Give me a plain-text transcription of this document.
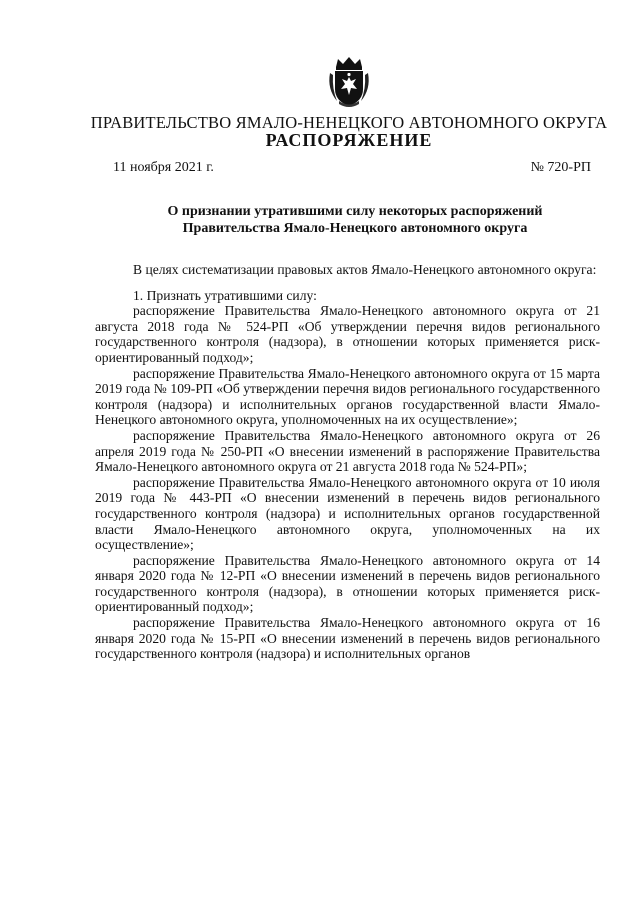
ПРАВИТЕЛЬСТВО ЯМАЛО-НЕНЕЦКОГО АВТОНОМНОГО ОКРУГА
РАСПОРЯЖЕНИЕ
11 ноября 2021 г.	№ 720-РП
О признании утратившими силу некоторых распоряжений
Правительства Ямало-Ненецкого автономного округа

В целях систематизации правовых актов Ямало-Ненецкого автономного округа:

1. Признать утратившими силу:

распоряжение Правительства Ямало-Ненецкого автономного округа от 21 августа 2018 года № 524-РП «Об утверждении перечня видов регионального государственного контроля (надзора), в отношении которых применяется риск-ориентированный подход»;

распоряжение Правительства Ямало-Ненецкого автономного округа от 15 марта 2019 года № 109-РП «Об утверждении перечня видов регионального государственного контроля (надзора) и исполнительных органов государственной власти Ямало-Ненецкого автономного округа, уполномоченных на их осуществление»;

распоряжение Правительства Ямало-Ненецкого автономного округа от 26 апреля 2019 года № 250-РП «О внесении изменений в распоряжение Правительства Ямало-Ненецкого автономного округа от 21 августа 2018 года № 524-РП»;

распоряжение Правительства Ямало-Ненецкого автономного округа от 10 июля 2019 года № 443-РП «О внесении изменений в перечень видов регионального государственного контроля (надзора) и исполнительных органов государственной власти Ямало-Ненецкого автономного округа, уполномоченных на их осуществление»;

распоряжение Правительства Ямало-Ненецкого автономного округа от 14 января 2020 года № 12-РП «О внесении изменений в перечень видов регионального государственного контроля (надзора), в отношении которых применяется риск-ориентированный подход»;

распоряжение Правительства Ямало-Ненецкого автономного округа от 16 января 2020 года № 15-РП «О внесении изменений в перечень видов регионального государственного контроля (надзора) и исполнительных органов
